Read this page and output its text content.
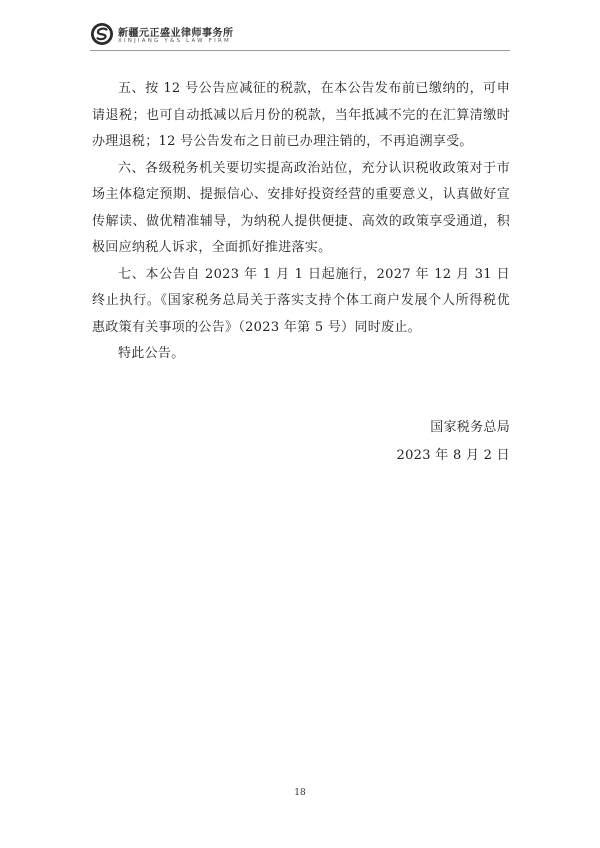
新疆元正盛业律师事务所
XINJIANG Y&S LAW FIRM

五、按 12 号公告应减征的税款，在本公告发布前已缴纳的，可申请退税；也可自动抵减以后月份的税款，当年抵减不完的在汇算清缴时办理退税；12 号公告发布之日前已办理注销的，不再追溯享受。

六、各级税务机关要切实提高政治站位，充分认识税收政策对于市场主体稳定预期、提振信心、安排好投资经营的重要意义，认真做好宣传解读、做优精准辅导，为纳税人提供便捷、高效的政策享受通道，积极回应纳税人诉求，全面抓好推进落实。

七、本公告自 2023 年 1 月 1 日起施行，2027 年 12 月 31 日终止执行。《国家税务总局关于落实支持个体工商户发展个人所得税优惠政策有关事项的公告》（2023 年第 5 号）同时废止。

特此公告。

国家税务总局
2023 年 8 月 2 日
18
